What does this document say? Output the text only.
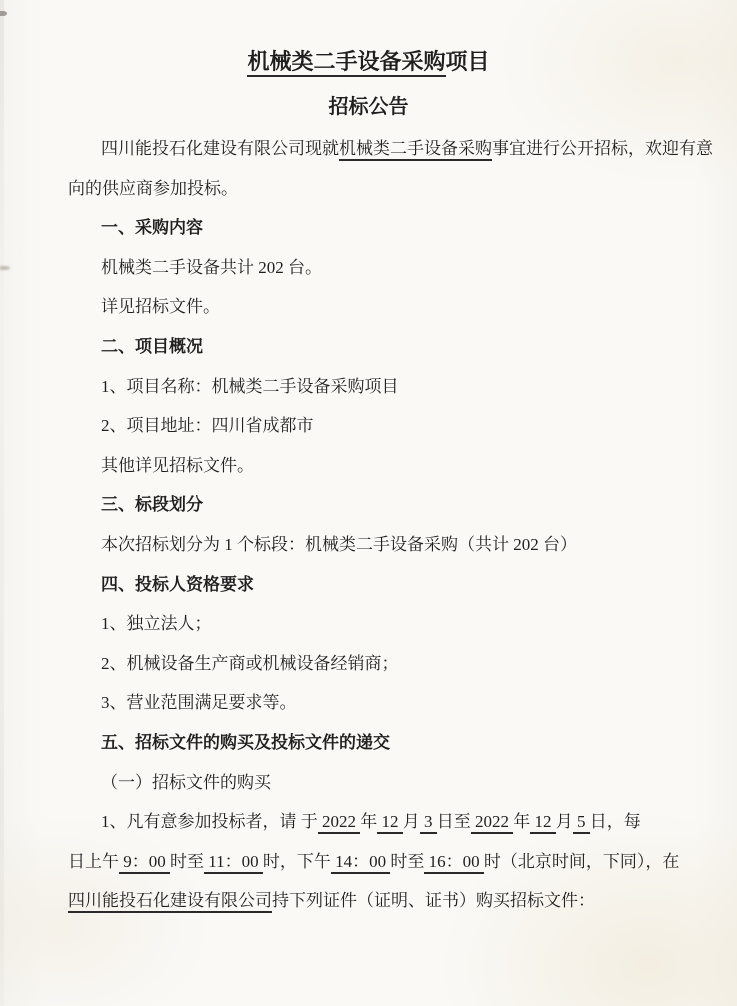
机械类二手设备采购项目
招标公告
四川能投石化建设有限公司现就机械类二手设备采购事宜进行公开招标，欢迎有意
向的供应商参加投标。
一、采购内容
机械类二手设备共计 202 台。
详见招标文件。
二、项目概况
1、项目名称：机械类二手设备采购项目
2、项目地址：四川省成都市
其他详见招标文件。
三、标段划分
本次招标划分为 1 个标段：机械类二手设备采购（共计 202 台）
四、投标人资格要求
1、独立法人；
2、机械设备生产商或机械设备经销商；
3、营业范围满足要求等。
五、招标文件的购买及投标文件的递交
（一）招标文件的购买
1、凡有意参加投标者，请 于 2022 年 12 月 3 日至 2022 年 12 月 5 日，每
日上午 9：00 时至 11：00 时，下午 14：00 时至 16：00 时（北京时间，下同），在
四川能投石化建设有限公司持下列证件（证明、证书）购买招标文件：
